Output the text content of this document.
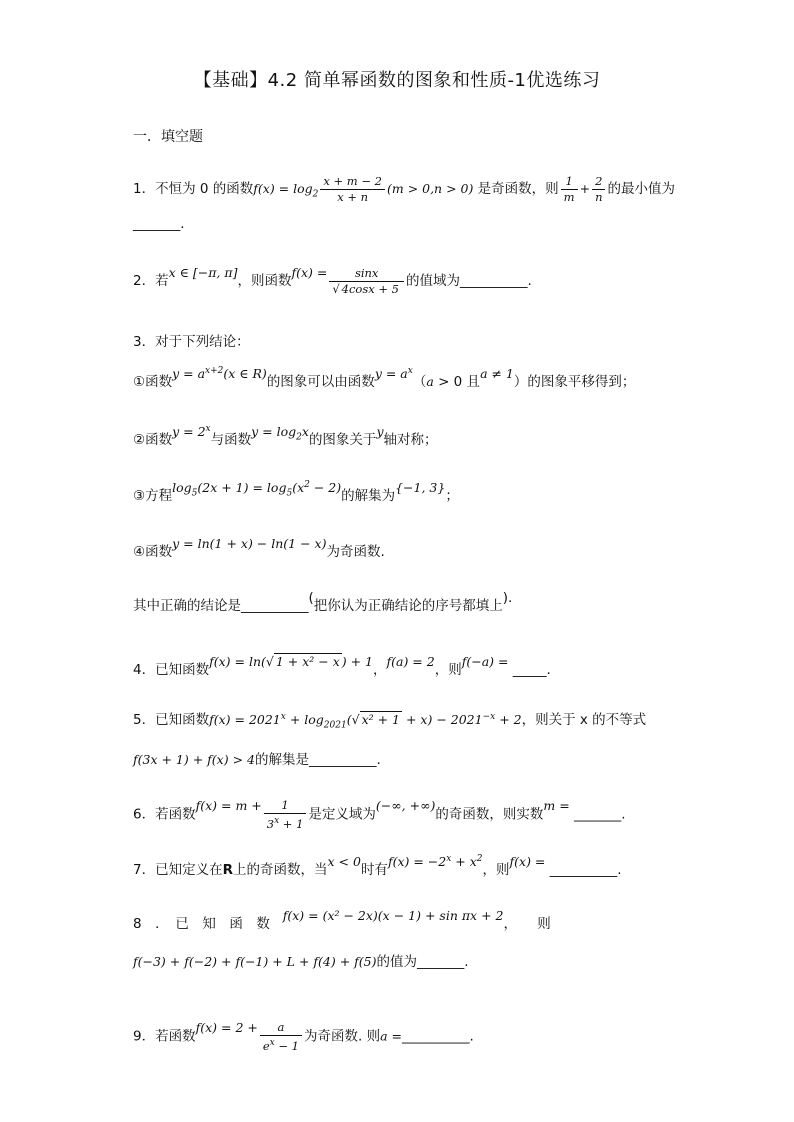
【基础】4.2 简单幂函数的图象和性质-1优选练习
一．填空题
1．不恒为 0 的函数$f(x) = \log_2 \frac{x + m - 2}{x + n} (m > 0,n > 0)$ 是奇函数，则 $\frac{1}{m} + \frac{2}{n}$ 的最小值为
_______.
2．若x ∈ [−π, π]，则函数$f(x) = \frac{\sin x}{√ 4\cos x + 5}$ 的值域为__________.
3．对于下列结论：
①函数$y = a^{x+2}(x$ ∈ R)的图象可以由函数$y = a^x(a > 0$ 且a ≠ 1）的图象平移得到；
②函数$y = 2^x$与函数$y = \log_2x$的图象关于y轴对称；
③方程$\log_5(2x + 1) = \log_5(x^2 - 2)$的解集为{−1, 3}；
④函数y = ln(1 + x) − ln(1 − x)为奇函数.
其中正确的结论是__________(把你认为正确结论的序号都填上).
4．已知函数f(x) = ln(√ 1 + x² − x ) + 1，f(a) = 2，则f(−a) = _____.
5．已知函数$f(x) = 2021^x + \log_{2021}(√$ $x^2 + 1 + x) - 2021^{-x} + 2$，则关于 x 的不等式
f(3x + 1) + f(x) > 4的解集是__________.
6．若函数$f(x) = m + \frac{1}{3^x + 1}$ 是定义域为(−∞, +∞)的奇函数，则实数m = _______.
7．已知定义在R上的奇函数，当x < 0时有$f(x) = -2^x + x^2$，则f(x) = __________.
8　．　已　知　函　数   f(x) = (x² − 2x)(x − 1) + sin πx + 2，　　则
f(−3) + f(−2) + f(−1) + L + f(4) + f(5)的值为_______.
9．若函数$f(x) = 2 + \frac{a}{e^x - 1}$ 为奇函数. 则a =__________.
